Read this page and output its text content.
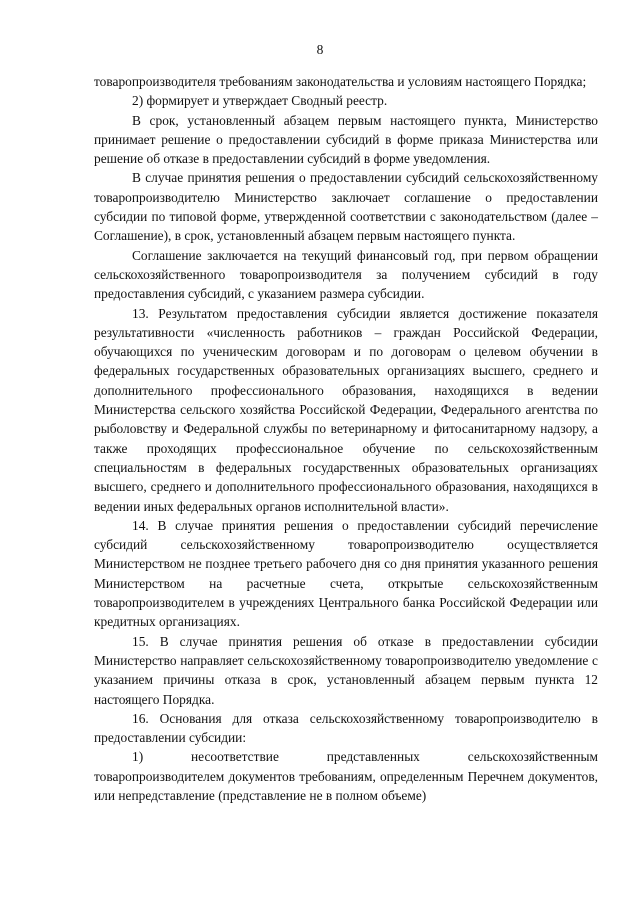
8

товаропроизводителя требованиям законодательства и условиям настоящего Порядка;

2) формирует и утверждает Сводный реестр.

В срок, установленный абзацем первым настоящего пункта, Министерство принимает решение о предоставлении субсидий в форме приказа Министерства или решение об отказе в предоставлении субсидий в форме уведомления.

В случае принятия решения о предоставлении субсидий сельскохозяйственному товаропроизводителю Министерство заключает соглашение о предоставлении субсидии по типовой форме, утвержденной соответствии с законодательством (далее – Соглашение), в срок, установленный абзацем первым настоящего пункта.

Соглашение заключается на текущий финансовый год, при первом обращении сельскохозяйственного товаропроизводителя за получением субсидий в году предоставления субсидий, с указанием размера субсидии.

13. Результатом предоставления субсидии является достижение показателя результативности «численность работников – граждан Российской Федерации, обучающихся по ученическим договорам и по договорам о целевом обучении в федеральных государственных образовательных организациях высшего, среднего и дополнительного профессионального образования, находящихся в ведении Министерства сельского хозяйства Российской Федерации, Федерального агентства по рыболовству и Федеральной службы по ветеринарному и фитосанитарному надзору, а также проходящих профессиональное обучение по сельскохозяйственным специальностям в федеральных государственных образовательных организациях высшего, среднего и дополнительного профессионального образования, находящихся в ведении иных федеральных органов исполнительной власти».

14. В случае принятия решения о предоставлении субсидий перечисление субсидий сельскохозяйственному товаропроизводителю осуществляется Министерством не позднее третьего рабочего дня со дня принятия указанного решения Министерством на расчетные счета, открытые сельскохозяйственным товаропроизводителем в учреждениях Центрального банка Российской Федерации или кредитных организациях.

15. В случае принятия решения об отказе в предоставлении субсидии Министерство направляет сельскохозяйственному товаропроизводителю уведомление с указанием причины отказа в срок, установленный абзацем первым пункта 12 настоящего Порядка.

16. Основания для отказа сельскохозяйственному товаропроизводителю в предоставлении субсидии:

1) несоответствие представленных сельскохозяйственным товаропроизводителем документов требованиям, определенным Перечнем документов, или непредставление (представление не в полном объеме)
